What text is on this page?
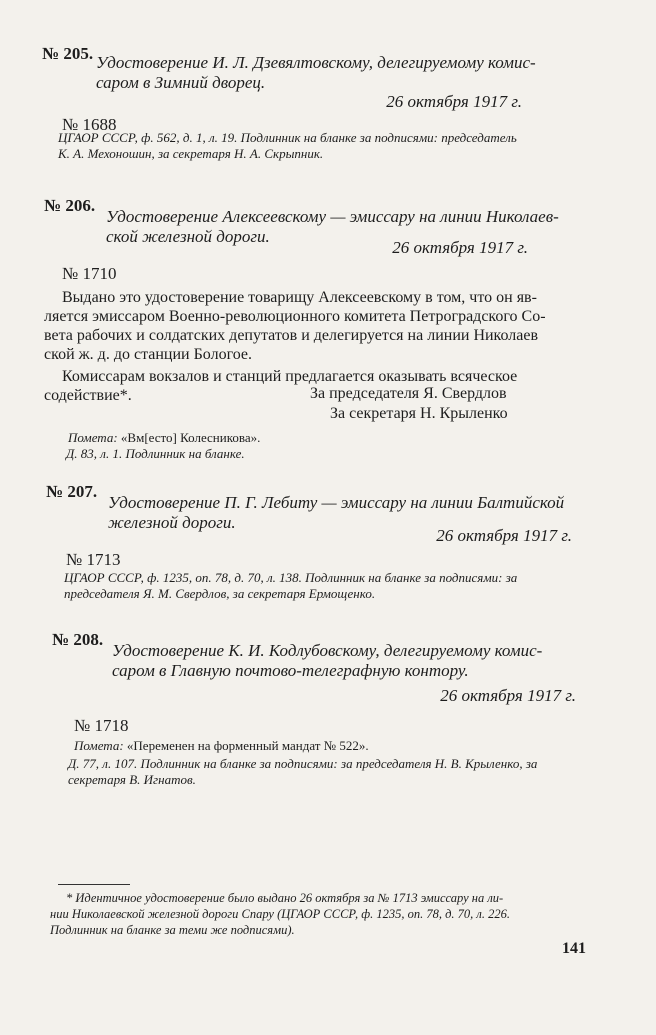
№ 205. Удостоверение И. Л. Дзевялтовскому, делегируемому комис-
саром в Зимний дворец.
26 октября 1917 г.
№ 1688
ЦГАОР СССР, ф. 562, д. 1, л. 19. Подлинник на бланке за подписями: председатель
К. А. Мехоношин, за секретаря Н. А. Скрыпник.
№ 206.
Удостоверение Алексеевскому — эмиссару на линии Николаев-
ской железной дороги.
26 октября 1917 г.
№ 1710
Выдано это удостоверение товарищу Алексеевскому в том, что он яв-
ляется эмиссаром Военно-революционного комитета Петроградского Со-
вета рабочих и солдатских депутатов и делегируется на линии Николаев
ской ж. д. до станции Бологое.
Комиссарам вокзалов и станций предлагается оказывать всяческое
содействие*.	За председателя Я. Свердлов
За секретаря Н. Крыленко
Помета: «Вм[есто] Колесникова».
Д. 83, л. 1. Подлинник на бланке.
№ 207.
Удостоверение П. Г. Лебиту — эмиссару на линии Балтийской
железной дороги.
26 октября 1917 г.
№ 1713
ЦГАОР СССР, ф. 1235, оп. 78, д. 70, л. 138. Подлинник на бланке за подписями: за
председателя Я. М. Свердлов, за секретаря Ермощенко.
№ 208.
Удостоверение К. И. Кодлубовскому, делегируемому комис-
саром в Главную почтово-телеграфную контору.
26 октября 1917 г.
№ 1718
Помета: «Переменен на форменный мандат № 522».
Д. 77, л. 107. Подлинник на бланке за подписями: за председателя Н. В. Крыленко, за
секретаря В. Игнатов.
* Идентичное удостоверение было выдано 26 октября за № 1713 эмиссару на ли-
нии Николаевской железной дороги Спару (ЦГАОР СССР, ф. 1235, оп. 78, д. 70, л. 226.
Подлинник на бланке за теми же подписями).
141
